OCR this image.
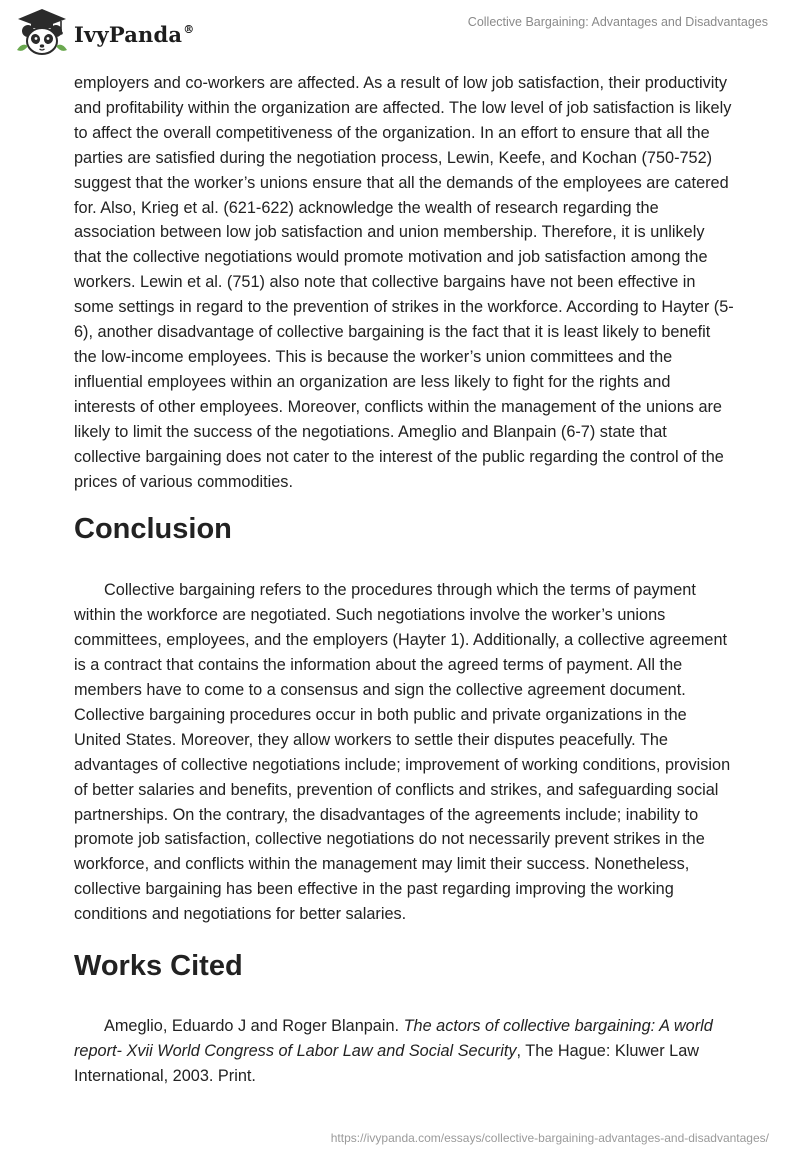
IvyPanda®	Collective Bargaining: Advantages and Disadvantages

employers and co-workers are affected. As a result of low job satisfaction, their productivity and profitability within the organization are affected. The low level of job satisfaction is likely to affect the overall competitiveness of the organization. In an effort to ensure that all the parties are satisfied during the negotiation process, Lewin, Keefe, and Kochan (750-752) suggest that the worker’s unions ensure that all the demands of the employees are catered for. Also, Krieg et al. (621-622) acknowledge the wealth of research regarding the association between low job satisfaction and union membership. Therefore, it is unlikely that the collective negotiations would promote motivation and job satisfaction among the workers. Lewin et al. (751) also note that collective bargains have not been effective in some settings in regard to the prevention of strikes in the workforce. According to Hayter (5-6), another disadvantage of collective bargaining is the fact that it is least likely to benefit the low-income employees. This is because the worker’s union committees and the influential employees within an organization are less likely to fight for the rights and interests of other employees. Moreover, conflicts within the management of the unions are likely to limit the success of the negotiations. Ameglio and Blanpain (6-7) state that collective bargaining does not cater to the interest of the public regarding the control of the prices of various commodities.

Conclusion

Collective bargaining refers to the procedures through which the terms of payment within the workforce are negotiated. Such negotiations involve the worker’s unions committees, employees, and the employers (Hayter 1). Additionally, a collective agreement is a contract that contains the information about the agreed terms of payment. All the members have to come to a consensus and sign the collective agreement document. Collective bargaining procedures occur in both public and private organizations in the United States. Moreover, they allow workers to settle their disputes peacefully. The advantages of collective negotiations include; improvement of working conditions, provision of better salaries and benefits, prevention of conflicts and strikes, and safeguarding social partnerships. On the contrary, the disadvantages of the agreements include; inability to promote job satisfaction, collective negotiations do not necessarily prevent strikes in the workforce, and conflicts within the management may limit their success. Nonetheless, collective bargaining has been effective in the past regarding improving the working conditions and negotiations for better salaries.

Works Cited

Ameglio, Eduardo J and Roger Blanpain. The actors of collective bargaining: A world report- Xvii World Congress of Labor Law and Social Security, The Hague: Kluwer Law International, 2003. Print.

https://ivypanda.com/essays/collective-bargaining-advantages-and-disadvantages/
